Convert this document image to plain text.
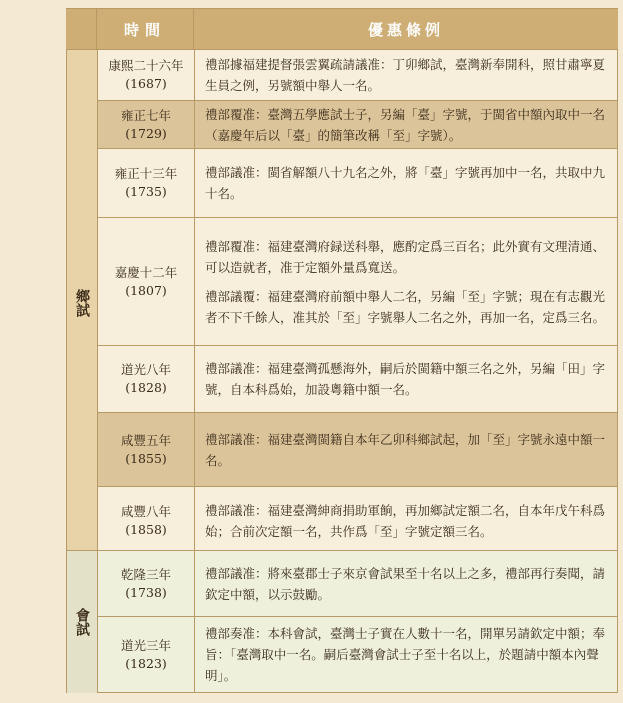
時間	優惠條例
鄉試
康熙二十六年
(1687)

禮部據福建提督張雲翼疏請議准：丁卯鄉試，臺灣新奉開科，照甘肅寧夏生員之例，另號額中舉人一名。

雍正七年
(1729)

禮部覆准：臺灣五學應試士子，另編「臺」字號，于閩省中額內取中一名（嘉慶年后以「臺」的簡筆改稱「至」字號）。

雍正十三年
(1735)

禮部議准：閩省解額八十九名之外，將「臺」字號再加中一名，共取中九十名。

嘉慶十二年
(1807)

禮部覆准：福建臺灣府録送科舉，應酌定爲三百名；此外實有文理清通、可以造就者，准于定額外量爲寬送。

禮部議覆：福建臺灣府前額中舉人二名，另編「至」字號；現在有志觀光者不下千餘人，准其於「至」字號舉人二名之外，再加一名，定爲三名。

道光八年
(1828)

禮部議准：福建臺灣孤懸海外，嗣后於閩籍中額三名之外，另編「田」字號，自本科爲始，加設粵籍中額一名。

咸豐五年
(1855)

禮部議准：福建臺灣閩籍自本年乙卯科鄉試起，加「至」字號永遠中額一名。

咸豐八年
(1858)

禮部議准：福建臺灣紳商捐助軍餉，再加鄉試定額二名，自本年戊午科爲始；合前次定額一名，共作爲「至」字號定額三名。

會試
乾隆三年
(1738)

禮部議准：將來臺郡士子來京會試果至十名以上之多，禮部再行奏聞，請欽定中額，以示鼓勵。

道光三年
(1823)

禮部奏准：本科會試，臺灣士子實在人數十一名，開單另請欽定中額；奉旨：「臺灣取中一名。嗣后臺灣會試士子至十名以上，於題請中額本內聲明」。
